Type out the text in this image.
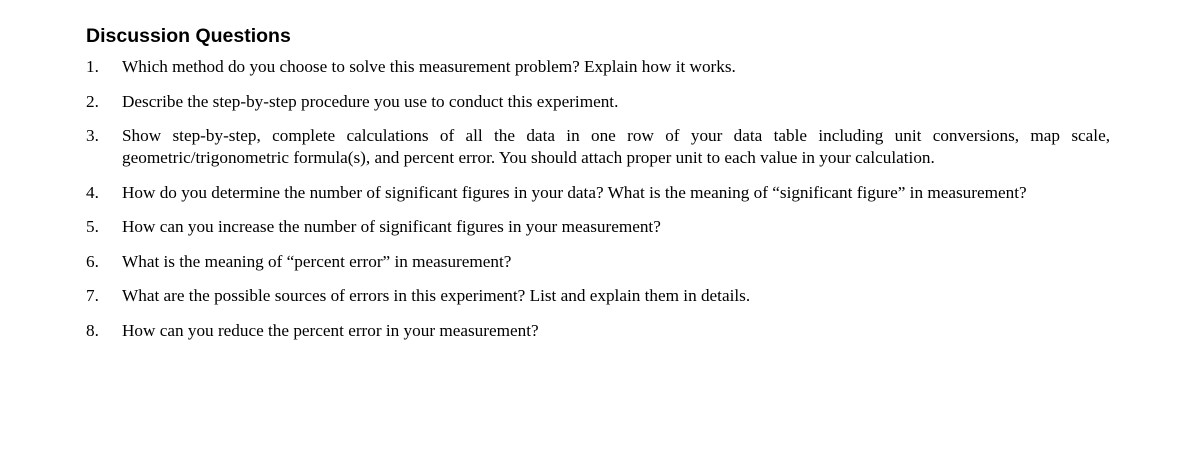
Discussion Questions
1.	Which method do you choose to solve this measurement problem? Explain how it works.
2.	Describe the step-by-step procedure you use to conduct this experiment.
3.	Show step-by-step, complete calculations of all the data in one row of your data table including unit conversions, map scale, geometric/trigonometric formula(s), and percent error. You should attach proper unit to each value in your calculation.
4.	How do you determine the number of significant figures in your data? What is the meaning of “significant figure” in measurement?
5.	How can you increase the number of significant figures in your measurement?
6.	What is the meaning of “percent error” in measurement?
7.	What are the possible sources of errors in this experiment? List and explain them in details.
8.	How can you reduce the percent error in your measurement?
